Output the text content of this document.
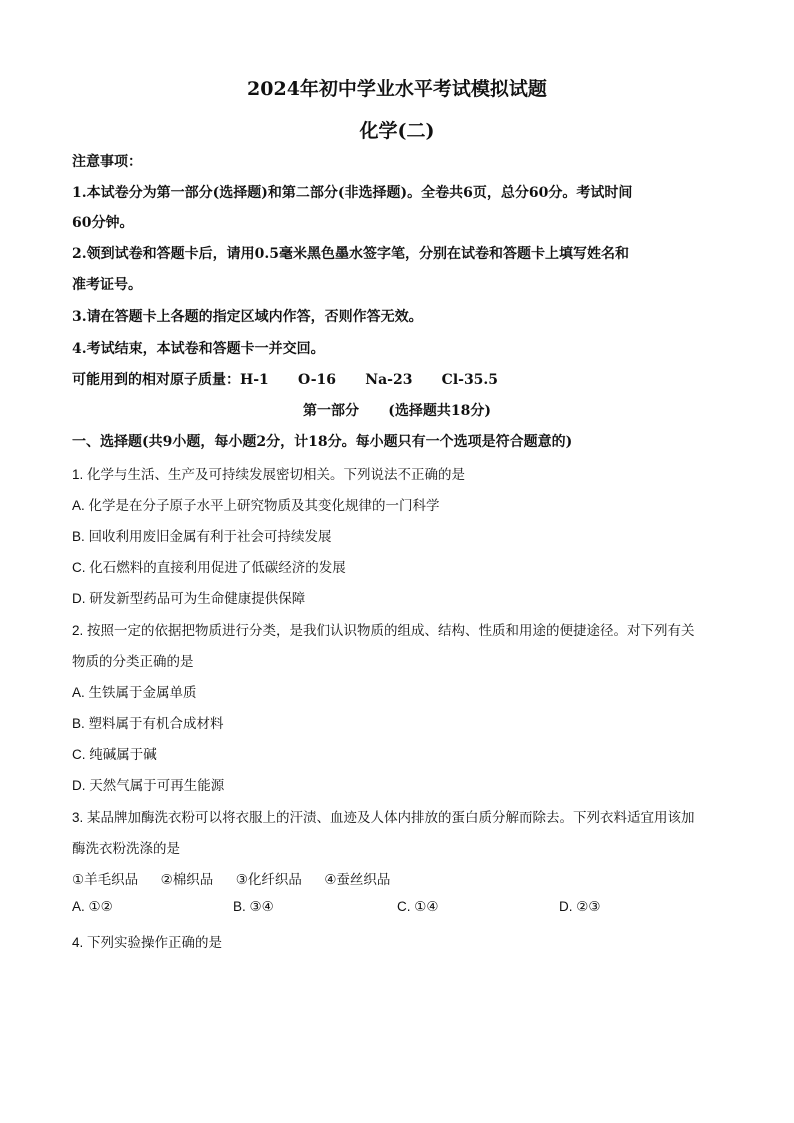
2024年初中学业水平考试模拟试题
化学(二)
注意事项：
1.本试卷分为第一部分(选择题)和第二部分(非选择题)。全卷共6页，总分60分。考试时间
60分钟。
2.领到试卷和答题卡后，请用0.5毫米黑色墨水签字笔，分别在试卷和答题卡上填写姓名和
准考证号。
3.请在答题卡上各题的指定区域内作答，否则作答无效。
4.考试结束，本试卷和答题卡一并交回。
可能用到的相对原子质量：H-1      O-16      Na-23      Cl-35.5
第一部分      (选择题共18分)
一、选择题(共9小题，每小题2分，计18分。每小题只有一个选项是符合题意的)
1. 化学与生活、生产及可持续发展密切相关。下列说法不正确的是
A. 化学是在分子原子水平上研究物质及其变化规律的一门科学
B. 回收利用废旧金属有利于社会可持续发展
C. 化石燃料的直接利用促进了低碳经济的发展
D. 研发新型药品可为生命健康提供保障
2. 按照一定的依据把物质进行分类，是我们认识物质的组成、结构、性质和用途的便捷途径。对下列有关
物质的分类正确的是
A. 生铁属于金属单质
B. 塑料属于有机合成材料
C. 纯碱属于碱
D. 天然气属于可再生能源
3. 某品牌加酶洗衣粉可以将衣服上的汗渍、血迹及人体内排放的蛋白质分解而除去。下列衣料适宜用该加
酶洗衣粉洗涤的是
①羊毛织品      ②棉织品      ③化纤织品      ④蚕丝织品
A. ①②	B. ③④	C. ①④	D. ②③
4. 下列实验操作正确的是
